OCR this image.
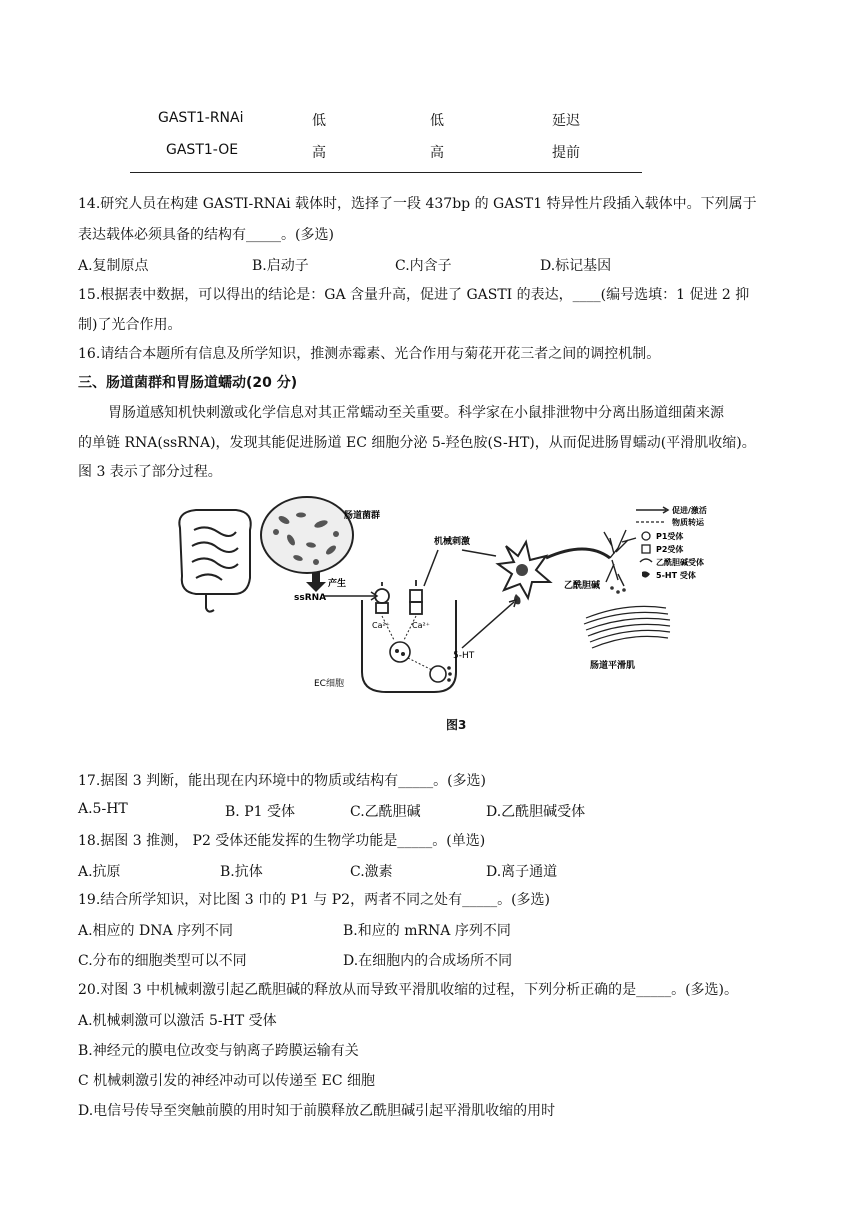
GAST1-RNAi	低	低	延迟
GAST1-OE	高	高	提前
14.研究人员在构建 GASTI-RNAi 载体时，选择了一段 437bp 的 GAST1 特异性片段插入载体中。下列属于
表达载体必须具备的结构有_____。(多选)
A.复制原点	B.启动子	C.内含子	D.标记基因
15.根据表中数据，可以得出的结论是：GA 含量升高，促进了 GASTI 的表达，____(编号选填：1 促进 2 抑
制)了光合作用。
16.请结合本题所有信息及所学知识，推测赤霉素、光合作用与菊花开花三者之间的调控机制。
三、肠道菌群和胃肠道蠕动(20 分)
胃肠道感知机快刺激或化学信息对其正常蠕动至关重要。科学家在小鼠排泄物中分离出肠道细菌来源
的单链 RNA(ssRNA)，发现其能促进肠道 EC 细胞分泌 5-羟色胺(S-HT)，从而促进肠胃蠕动(平滑肌收缩)。
图 3 表示了部分过程。
肠道菌群
产生
ssRNA
Ca²⁺	Ca²⁺
5-HT
EC细胞
机械刺激
乙酰胆碱
肠道平滑肌
促进/激活
物质转运
P1受体
P2受体
乙酰胆碱受体
5-HT 受体
图3
17.据图 3 判断，能出现在内环境中的物质或结构有_____。(多选)
A.5-HT	B. P1 受体	C.乙酰胆碱	D.乙酰胆碱受体
18.据图 3 推测， P2 受体还能发挥的生物学功能是_____。(单选)
A.抗原	B.抗体	C.激素	D.离子通道
19.结合所学知识，对比图 3 巾的 P1 与 P2，两者不同之处有_____。(多选)
A.相应的 DNA 序列不同	B.和应的 mRNA 序列不同
C.分布的细胞类型可以不同	D.在细胞内的合成场所不同
20.对图 3 中机械刺激引起乙酰胆碱的释放从而导致平滑肌收缩的过程，下列分析正确的是_____。(多选)。
A.机械刺激可以激活 5-HT 受体
B.神经元的膜电位改变与钠离子跨膜运输有关
C 机械刺激引发的神经冲动可以传递至 EC 细胞
D.电信号传导至突触前膜的用时知于前膜释放乙酰胆碱引起平滑肌收缩的用时
